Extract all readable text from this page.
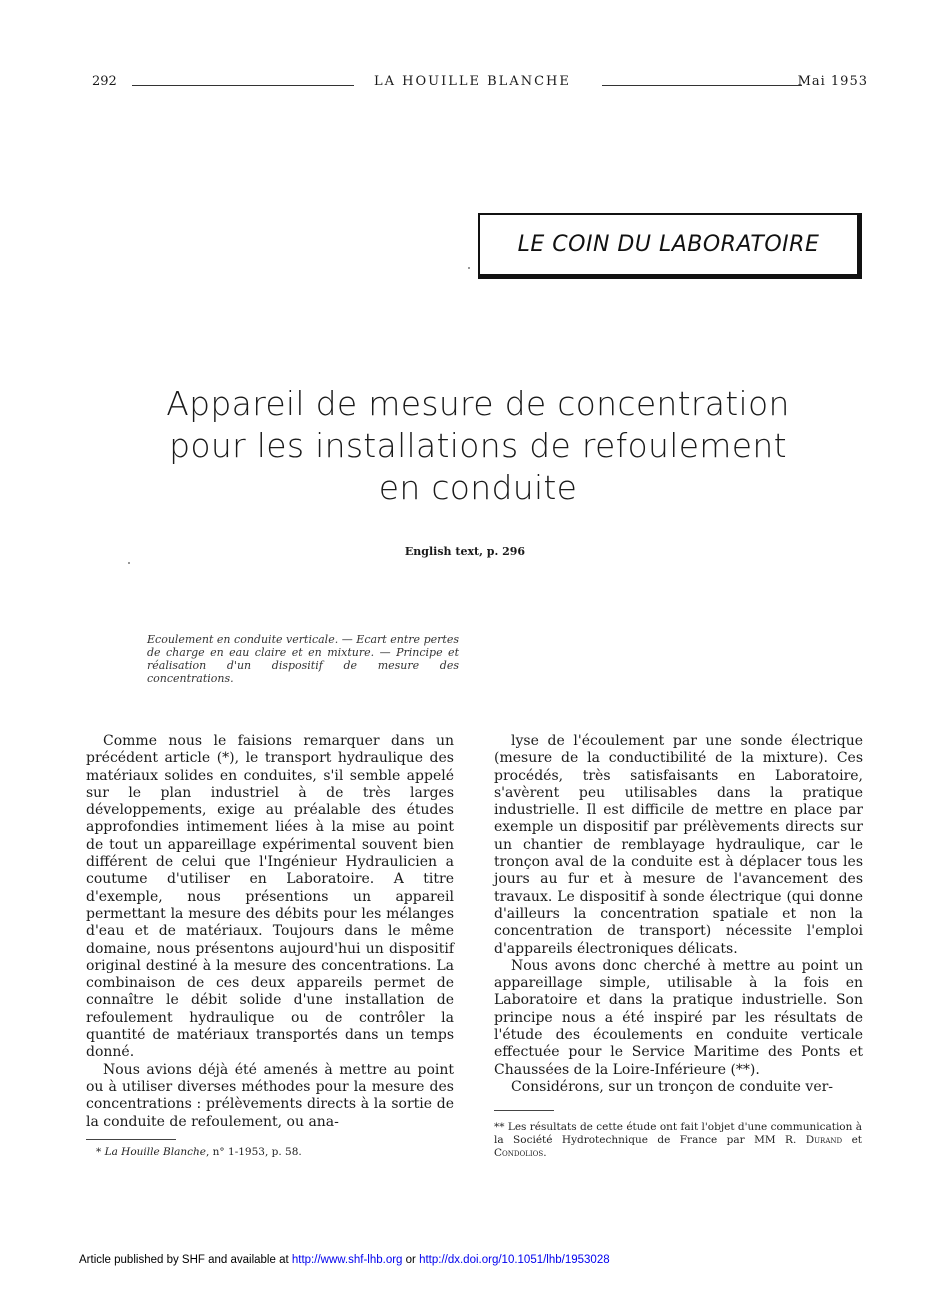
292	LA HOUILLE BLANCHE	Mai 1953
LE COIN DU LABORATOIRE
Appareil de mesure de concentration
pour les installations de refoulement
en conduite
English text, p. 296
Ecoulement en conduite verticale. — Ecart entre pertes de charge en eau claire et en mixture. — Principe et réalisation d'un dispositif de mesure des concentrations.

Comme nous le faisions remarquer dans un précédent article (*), le transport hydraulique des matériaux solides en conduites, s'il semble appelé sur le plan industriel à de très larges développements, exige au préalable des études approfondies intimement liées à la mise au point de tout un appareillage expérimental souvent bien différent de celui que l'Ingénieur Hydraulicien a coutume d'utiliser en Laboratoire. A titre d'exemple, nous présentions un appareil permettant la mesure des débits pour les mélanges d'eau et de matériaux. Toujours dans le même domaine, nous présentons aujourd'hui un dispositif original destiné à la mesure des concentrations. La combinaison de ces deux appareils permet de connaître le débit solide d'une installation de refoulement hydraulique ou de contrôler la quantité de matériaux transportés dans un temps donné.

Nous avions déjà été amenés à mettre au point ou à utiliser diverses méthodes pour la mesure des concentrations : prélèvements directs à la sortie de la conduite de refoulement, ou ana-

lyse de l'écoulement par une sonde électrique (mesure de la conductibilité de la mixture). Ces procédés, très satisfaisants en Laboratoire, s'avèrent peu utilisables dans la pratique industrielle. Il est difficile de mettre en place par exemple un dispositif par prélèvements directs sur un chantier de remblayage hydraulique, car le tronçon aval de la conduite est à déplacer tous les jours au fur et à mesure de l'avancement des travaux. Le dispositif à sonde électrique (qui donne d'ailleurs la concentration spatiale et non la concentration de transport) nécessite l'emploi d'appareils électroniques délicats.

Nous avons donc cherché à mettre au point un appareillage simple, utilisable à la fois en Laboratoire et dans la pratique industrielle. Son principe nous a été inspiré par les résultats de l'étude des écoulements en conduite verticale effectuée pour le Service Maritime des Ponts et Chaussées de la Loire-Inférieure (**).

Considérons, sur un tronçon de conduite ver-

* La Houille Blanche, n° 1-1953, p. 58.
** Les résultats de cette étude ont fait l'objet d'une communication à la Société Hydrotechnique de France par MM R. Durand et Condolios.
Article published by SHF and available at http://www.shf-lhb.org or http://dx.doi.org/10.1051/lhb/1953028
